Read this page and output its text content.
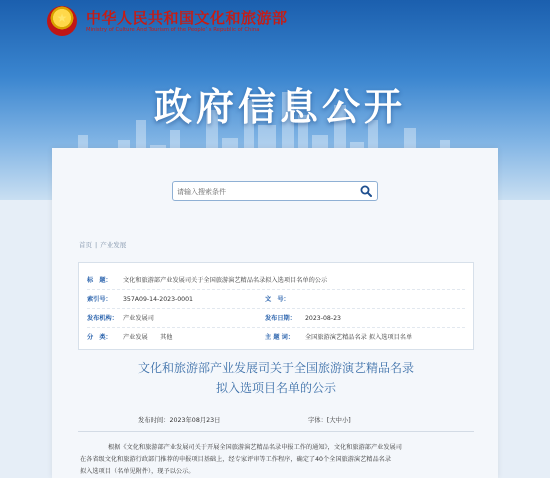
★	中华人民共和国文化和旅游部
Ministry of Culture And Tourism of the People’ s Republic of China
政府信息公开
请输入搜索条件
首页 | 产业发展
标　题： 文化和旅游部产业发展司关于全国旅游演艺精品名录拟入选项目名单的公示
索引号： 357A09-14-2023-0001	文　号：
发布机构： 产业发展司	发布日期： 2023-08-23
分　类： 产业发展　　其他	主 题 词： 全国旅游演艺精品名录 拟入选项目名单
文化和旅游部产业发展司关于全国旅游演艺精品名录
拟入选项目名单的公示
发布时间：2023年08月23日	字体：[大中小]
根据《文化和旅游部产业发展司关于开展全国旅游演艺精品名录申报工作的通知》，文化和旅游部产业发展司
在各省级文化和旅游行政部门推荐的申报项目基础上，经专家评审等工作程序，确定了40个全国旅游演艺精品名录
拟入选项目（名单见附件），现予以公示。
